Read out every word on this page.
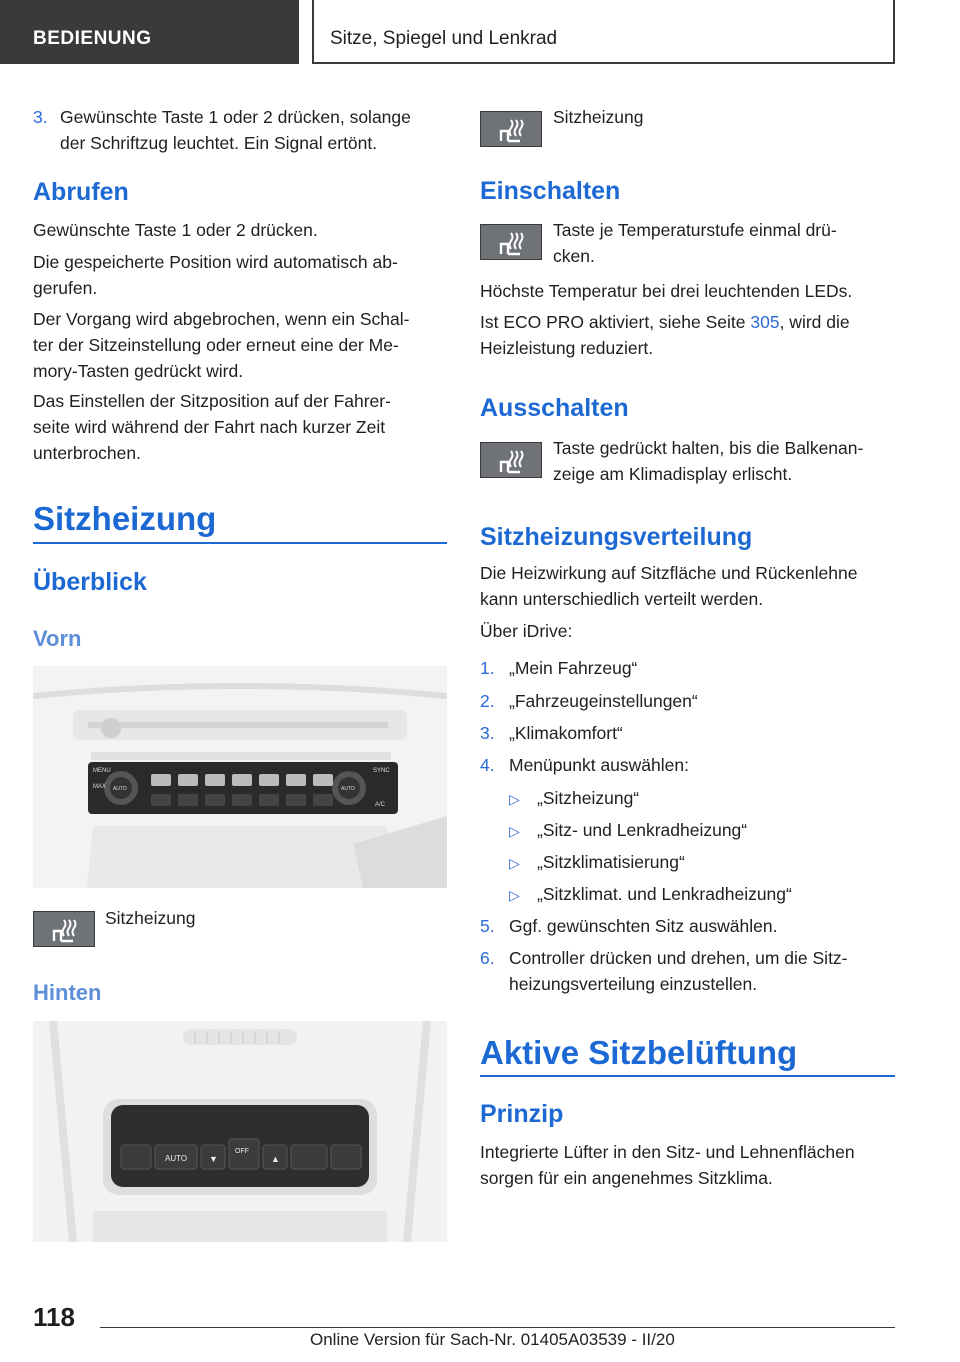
BEDIENUNG	Sitze, Spiegel und Lenkrad
3. Gewünschte Taste 1 oder 2 drücken, solange
der Schriftzug leuchtet. Ein Signal ertönt.
Abrufen
Gewünschte Taste 1 oder 2 drücken.
Die gespeicherte Position wird automatisch ab‐
gerufen.
Der Vorgang wird abgebrochen, wenn ein Schal‐
ter der Sitzeinstellung oder erneut eine der Me‐
mory-Tasten gedrückt wird.
Das Einstellen der Sitzposition auf der Fahrer‐
seite wird während der Fahrt nach kurzer Zeit
unterbrochen.
Sitzheizung
Überblick
Vorn
MENU
MAX AUTO	AUTO
SYNC
A/C
Sitzheizung
Hinten
AUTO ▼
OFF
▲
Sitzheizung
Einschalten
Taste je Temperaturstufe einmal drü‐
cken.
Höchste Temperatur bei drei leuchtenden LEDs.
Ist ECO PRO aktiviert, siehe Seite 305, wird die
Heizleistung reduziert.
Ausschalten
Taste gedrückt halten, bis die Balkenan‐
zeige am Klimadisplay erlischt.
Sitzheizungsverteilung
Die Heizwirkung auf Sitzfläche und Rückenlehne
kann unterschiedlich verteilt werden.
Über iDrive:
1. „Mein Fahrzeug“
2. „Fahrzeugeinstellungen“
3. „Klimakomfort“
4. Menüpunkt auswählen:
▷ „Sitzheizung“
▷ „Sitz- und Lenkradheizung“
▷ „Sitzklimatisierung“
▷ „Sitzklimat. und Lenkradheizung“
5. Ggf. gewünschten Sitz auswählen.
6. Controller drücken und drehen, um die Sitz‐
heizungsverteilung einzustellen.
Aktive Sitzbelüftung
Prinzip
Integrierte Lüfter in den Sitz- und Lehnenflächen
sorgen für ein angenehmes Sitzklima.
118
Online Version für Sach-Nr. 01405A03539 - II/20
